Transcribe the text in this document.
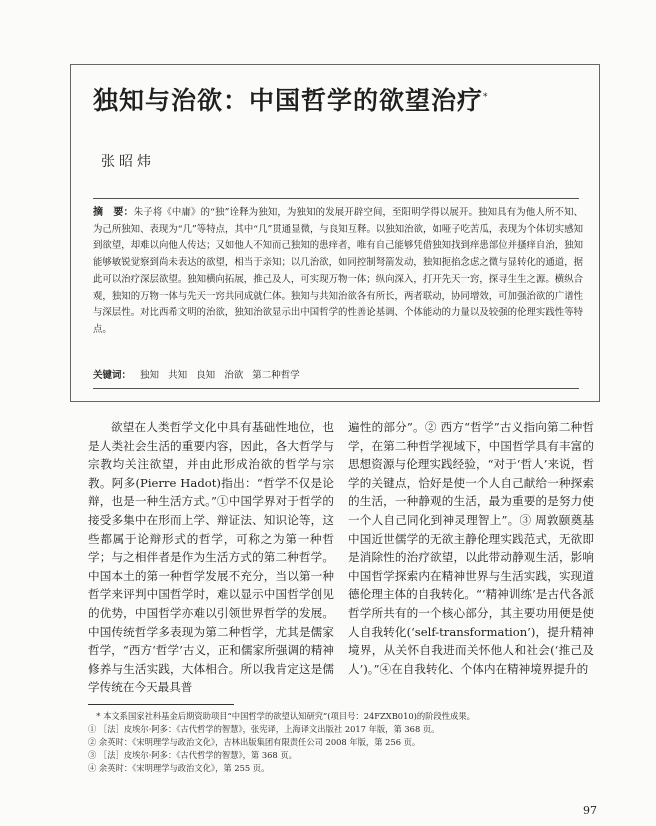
独知与治欲：中国哲学的欲望治疗*
张昭炜
摘　要：朱子将《中庸》的“独”诠释为独知，为独知的发展开辟空间，至阳明学得以展开。独知具有为他人所不知、为己所独知、表现为“几”等特点，其中“几”贯通显微，与良知互释。以独知治欲，如哑子吃苦瓜，表现为个体切实感知到欲望，却难以向他人传达；又如他人不知而己独知的患痒者，唯有自己能够凭借独知找到痒患部位并搔痒自治，独知能够敏锐觉察到尚未表达的欲望，相当于亲知；以几治欲，如同控制弩箭发动，独知扼掐念虑之微与显转化的通道，据此可以治疗深层欲望。独知横向拓展，推己及人，可实现万物一体；纵向深入，打开先天一窍，探寻生生之源。横纵合观，独知的万物一体与先天一窍共同成就仁体。独知与共知治欲各有所长，两者联动，协同增效，可加强治欲的广谱性与深层性。对比西希文明的治欲，独知治欲显示出中国哲学的性善论基调、个体能动的力量以及较强的伦理实践性等特点。
关键词： 独知 共知 良知 治欲 第二种哲学
欲望在人类哲学文化中具有基础性地位，也是人类社会生活的重要内容，因此，各大哲学与宗教均关注欲望，并由此形成治欲的哲学与宗教。阿多(Pierre Hadot)指出：“哲学不仅是论辩，也是一种生活方式。”①中国学界对于哲学的接受多集中在形而上学、辩证法、知识论等，这些都属于论辩形式的哲学，可称之为第一种哲学；与之相伴者是作为生活方式的第二种哲学。中国本土的第一种哲学发展不充分，当以第一种哲学来评判中国哲学时，难以显示中国哲学创见的优势，中国哲学亦难以引领世界哲学的发展。中国传统哲学多表现为第二种哲学，尤其是儒家哲学，“西方‘哲学’古义，正和儒家所强调的精神修养与生活实践，大体相合。所以我肯定这是儒学传统在今天最具普
遍性的部分”。② 西方“哲学”古义指向第二种哲学，在第二种哲学视域下，中国哲学具有丰富的思想资源与伦理实践经验，“对于‘哲人’来说，哲学的关键点，恰好是使一个人自己献给一种探索的生活，一种静观的生活，最为重要的是努力使一个人自己同化到神灵理智上”。③ 周敦颐奠基中国近世儒学的无欲主静伦理实践范式，无欲即是消除性的治疗欲望，以此带动静观生活，影响中国哲学探索内在精神世界与生活实践，实现道德伦理主体的自我转化。“‘精神训练’是古代各派哲学所共有的一个核心部分，其主要功用便是使人自我转化(‘self-transformation’)，提升精神境界，从关怀自我进而关怀他人和社会(‘推己及人’)。”④在自我转化、个体内在精神境界提升的
　* 本文系国家社科基金后期资助项目“中国哲学的欲望认知研究”(项目号：24FZXB010)的阶段性成果。
① ［法］皮埃尔·阿多：《古代哲学的智慧》，张宪译，上海译文出版社 2017 年版，第 368 页。
② 余英时：《宋明理学与政治文化》，吉林出版集团有限责任公司 2008 年版，第 256 页。
③ ［法］皮埃尔·阿多：《古代哲学的智慧》，第 368 页。
④ 余英时：《宋明理学与政治文化》，第 255 页。
97
